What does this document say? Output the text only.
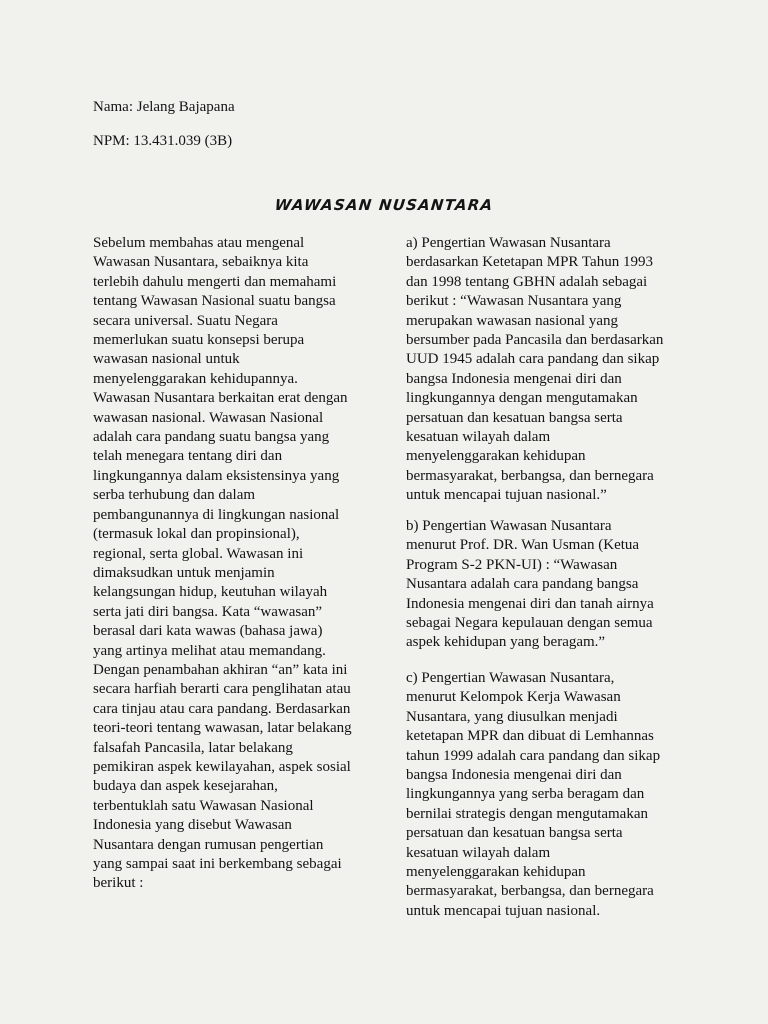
Nama: Jelang Bajapana

NPM: 13.431.039 (3B)

WAWASAN NUSANTARA

Sebelum membahas atau mengenal
Wawasan Nusantara, sebaiknya kita
terlebih dahulu mengerti dan memahami
tentang Wawasan Nasional suatu bangsa
secara universal. Suatu Negara
memerlukan suatu konsepsi berupa
wawasan nasional untuk
menyelenggarakan kehidupannya.
Wawasan Nusantara berkaitan erat dengan
wawasan nasional. Wawasan Nasional
adalah cara pandang suatu bangsa yang
telah menegara tentang diri dan
lingkungannya dalam eksistensinya yang
serba terhubung dan dalam
pembangunannya di lingkungan nasional
(termasuk lokal dan propinsional),
regional, serta global. Wawasan ini
dimaksudkan untuk menjamin
kelangsungan hidup, keutuhan wilayah
serta jati diri bangsa. Kata “wawasan”
berasal dari kata wawas (bahasa jawa)
yang artinya melihat atau memandang.
Dengan penambahan akhiran “an” kata ini
secara harfiah berarti cara penglihatan atau
cara tinjau atau cara pandang. Berdasarkan
teori-teori tentang wawasan, latar belakang
falsafah Pancasila, latar belakang
pemikiran aspek kewilayahan, aspek sosial
budaya dan aspek kesejarahan,
terbentuklah satu Wawasan Nasional
Indonesia yang disebut Wawasan
Nusantara dengan rumusan pengertian
yang sampai saat ini berkembang sebagai
berikut :

a) Pengertian Wawasan Nusantara
berdasarkan Ketetapan MPR Tahun 1993
dan 1998 tentang GBHN adalah sebagai
berikut : “Wawasan Nusantara yang
merupakan wawasan nasional yang
bersumber pada Pancasila dan berdasarkan
UUD 1945 adalah cara pandang dan sikap
bangsa Indonesia mengenai diri dan
lingkungannya dengan mengutamakan
persatuan dan kesatuan bangsa serta
kesatuan wilayah dalam
menyelenggarakan kehidupan
bermasyarakat, berbangsa, dan bernegara
untuk mencapai tujuan nasional.”

b) Pengertian Wawasan Nusantara
menurut Prof. DR. Wan Usman (Ketua
Program S-2 PKN-UI) : “Wawasan
Nusantara adalah cara pandang bangsa
Indonesia mengenai diri dan tanah airnya
sebagai Negara kepulauan dengan semua
aspek kehidupan yang beragam.”

c) Pengertian Wawasan Nusantara,
menurut Kelompok Kerja Wawasan
Nusantara, yang diusulkan menjadi
ketetapan MPR dan dibuat di Lemhannas
tahun 1999 adalah cara pandang dan sikap
bangsa Indonesia mengenai diri dan
lingkungannya yang serba beragam dan
bernilai strategis dengan mengutamakan
persatuan dan kesatuan bangsa serta
kesatuan wilayah dalam
menyelenggarakan kehidupan
bermasyarakat, berbangsa, dan bernegara
untuk mencapai tujuan nasional.
